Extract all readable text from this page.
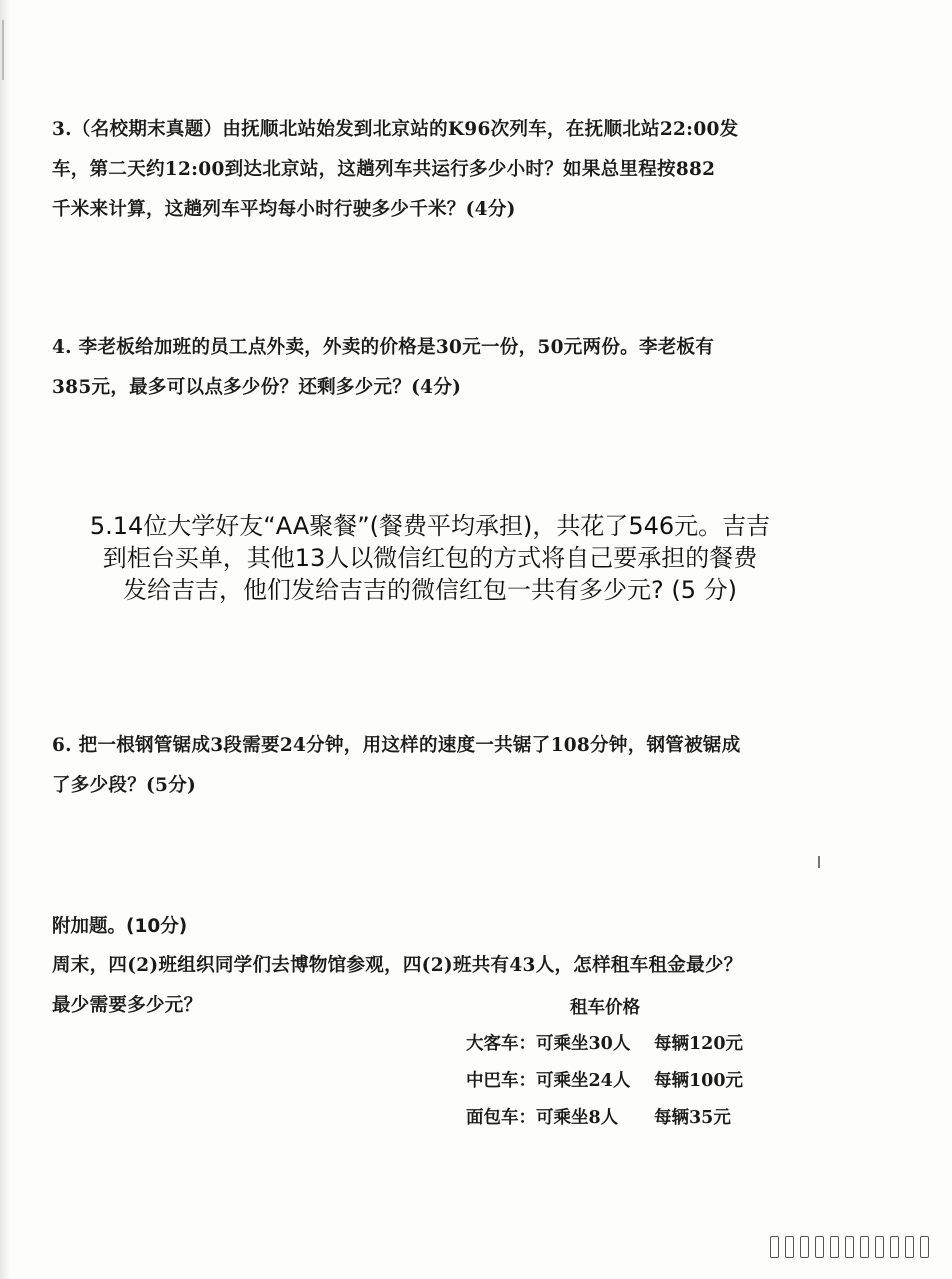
3.（名校期末真题）由抚顺北站始发到北京站的K96次列车，在抚顺北站22:00发
车，第二天约12:00到达北京站，这趟列车共运行多少小时？如果总里程按882
千米来计算，这趟列车平均每小时行驶多少千米？(4分)
4. 李老板给加班的员工点外卖，外卖的价格是30元一份，50元两份。李老板有
385元，最多可以点多少份？还剩多少元？(4分)
5.14位大学好友“AA聚餐”(餐费平均承担)，共花了546元。吉吉
到柜台买单，其他13人以微信红包的方式将自己要承担的餐费
发给吉吉，他们发给吉吉的微信红包一共有多少元? (5 分)
6. 把一根钢管锯成3段需要24分钟，用这样的速度一共锯了108分钟，钢管被锯成
了多少段？(5分)
附加题。(10分)
周末，四(2)班组织同学们去博物馆参观，四(2)班共有43人，怎样租车租金最少？
最少需要多少元？	租车价格
大客车：可乘坐30人 每辆120元
中巴车：可乘坐24人 每辆100元
面包车：可乘坐8人 每辆35元
